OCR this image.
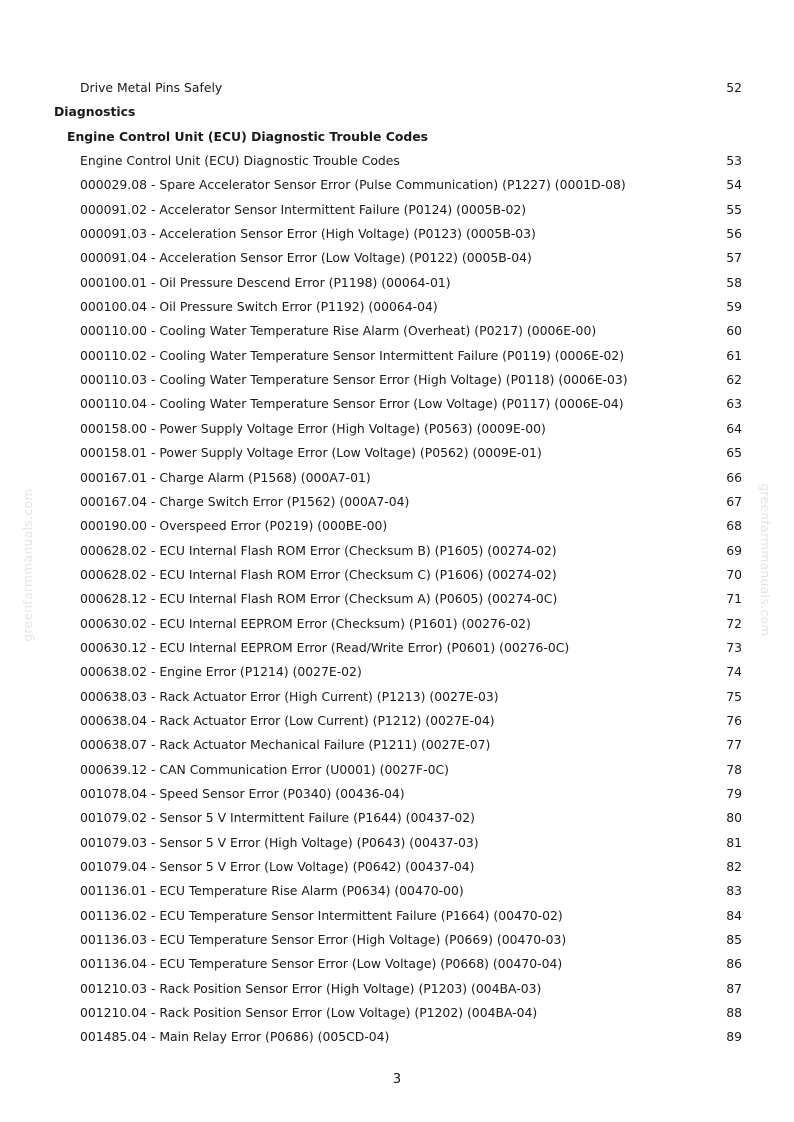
Drive Metal Pins Safely	52
Diagnostics
Engine Control Unit (ECU) Diagnostic Trouble Codes
Engine Control Unit (ECU) Diagnostic Trouble Codes	53
000029.08 - Spare Accelerator Sensor Error (Pulse Communication) (P1227) (0001D-08)	54
000091.02 - Accelerator Sensor Intermittent Failure (P0124) (0005B-02)	55
000091.03 - Acceleration Sensor Error (High Voltage) (P0123) (0005B-03)	56
000091.04 - Acceleration Sensor Error (Low Voltage) (P0122) (0005B-04)	57
000100.01 - Oil Pressure Descend Error (P1198) (00064-01)	58
000100.04 - Oil Pressure Switch Error (P1192) (00064-04)	59
000110.00 - Cooling Water Temperature Rise Alarm (Overheat) (P0217) (0006E-00)	60
000110.02 - Cooling Water Temperature Sensor Intermittent Failure (P0119) (0006E-02)	61
000110.03 - Cooling Water Temperature Sensor Error (High Voltage) (P0118) (0006E-03)	62
000110.04 - Cooling Water Temperature Sensor Error (Low Voltage) (P0117) (0006E-04)	63
000158.00 - Power Supply Voltage Error (High Voltage) (P0563) (0009E-00)	64
000158.01 - Power Supply Voltage Error (Low Voltage) (P0562) (0009E-01)	65
000167.01 - Charge Alarm (P1568) (000A7-01)	66
000167.04 - Charge Switch Error (P1562) (000A7-04)	67
000190.00 - Overspeed Error (P0219) (000BE-00)	68
000628.02 - ECU Internal Flash ROM Error (Checksum B) (P1605) (00274-02)	69
000628.02 - ECU Internal Flash ROM Error (Checksum C) (P1606) (00274-02)	70
000628.12 - ECU Internal Flash ROM Error (Checksum A) (P0605) (00274-0C)	71
000630.02 - ECU Internal EEPROM Error (Checksum) (P1601) (00276-02)	72
000630.12 - ECU Internal EEPROM Error (Read/Write Error) (P0601) (00276-0C)	73
000638.02 - Engine Error (P1214) (0027E-02)	74
000638.03 - Rack Actuator Error (High Current) (P1213) (0027E-03)	75
000638.04 - Rack Actuator Error (Low Current) (P1212) (0027E-04)	76
000638.07 - Rack Actuator Mechanical Failure (P1211) (0027E-07)	77
000639.12 - CAN Communication Error (U0001) (0027F-0C)	78
001078.04 - Speed Sensor Error (P0340) (00436-04)	79
001079.02 - Sensor 5 V Intermittent Failure (P1644) (00437-02)	80
001079.03 - Sensor 5 V Error (High Voltage) (P0643) (00437-03)	81
001079.04 - Sensor 5 V Error (Low Voltage) (P0642) (00437-04)	82
001136.01 - ECU Temperature Rise Alarm (P0634) (00470-00)	83
001136.02 - ECU Temperature Sensor Intermittent Failure (P1664) (00470-02)	84
001136.03 - ECU Temperature Sensor Error (High Voltage) (P0669) (00470-03)	85
001136.04 - ECU Temperature Sensor Error (Low Voltage) (P0668) (00470-04)	86
001210.03 - Rack Position Sensor Error (High Voltage) (P1203) (004BA-03)	87
001210.04 - Rack Position Sensor Error (Low Voltage) (P1202) (004BA-04)	88
001485.04 - Main Relay Error (P0686) (005CD-04)	89
greenfarmmanuals.com	greenfarmmanuals.com
3
